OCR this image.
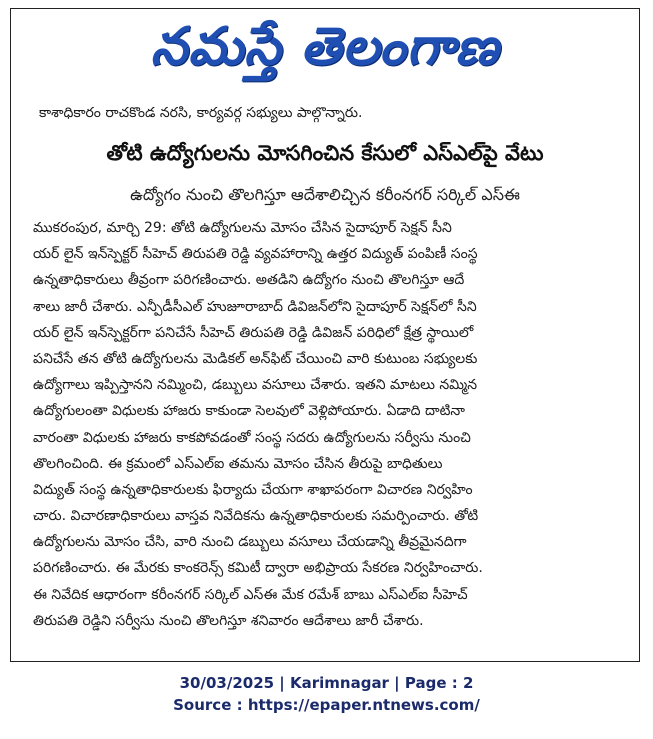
నమస్తే తెలంగాణ
కాశాధికారం రాచకొండ నరసి, కార్యవర్గ సభ్యులు పాల్గొన్నారు.
తోటి ఉద్యోగులను మోసగించిన కేసులో ఎస్‌ఎల్‌పై వేటు
ఉద్యోగం నుంచి తొలగిస్తూ ఆదేశాలిచ్చిన కరీంనగర్ సర్కిల్ ఎస్‌ఈ
ముకరంపుర, మార్చి 29: తోటి ఉద్యోగులను మోసం చేసిన సైదాపూర్ సెక్షన్ సీని
యర్ లైన్ ఇన్‌స్పెక్టర్ సీహెచ్ తిరుపతి రెడ్డి వ్యవహారాన్ని ఉత్తర విద్యుత్ పంపిణీ సంస్థ
ఉన్నతాధికారులు తీవ్రంగా పరిగణించారు. అతడిని ఉద్యోగం నుంచి తొలగిస్తూ ఆదే
శాలు జారీ చేశారు. ఎన్పీడీసీఎల్ హుజూరాబాద్ డివిజన్‌లోని సైదాపూర్ సెక్షన్‌లో సీని
యర్ లైన్ ఇన్‌స్పెక్టర్‌గా పనిచేసే సీహెచ్ తిరుపతి రెడ్డి డివిజన్ పరిధిలో క్షేత్ర స్థాయిలో
పనిచేసే తన తోటి ఉద్యోగులను మెడికల్ అన్‌ఫిట్ చేయించి వారి కుటుంబ సభ్యులకు
ఉద్యోగాలు ఇప్పిస్తానని నమ్మించి, డబ్బులు వసూలు చేశారు. ఇతని మాటలు నమ్మిన
ఉద్యోగులంతా విధులకు హాజరు కాకుండా సెలవులో వెళ్లిపోయారు. ఏడాది దాటినా
వారంతా విధులకు హాజరు కాకపోవడంతో సంస్థ సదరు ఉద్యోగులను సర్వీసు నుంచి
తొలగించింది. ఈ క్రమంలో ఎస్‌ఎల్‌ఐ తమను మోసం చేసిన తీరుపై బాధితులు
విద్యుత్ సంస్థ ఉన్నతాధికారులకు ఫిర్యాదు చేయగా శాఖాపరంగా విచారణ నిర్వహిం
చారు. విచారణాధికారులు వాస్తవ నివేదికను ఉన్నతాధికారులకు సమర్పించారు. తోటి
ఉద్యోగులను మోసం చేసి, వారి నుంచి డబ్బులు వసూలు చేయడాన్ని తీవ్రమైనదిగా
పరిగణించారు. ఈ మేరకు కాంకరెన్స్ కమిటీ ద్వారా అభిప్రాయ సేకరణ నిర్వహించారు.
ఈ నివేదిక ఆధారంగా కరీంనగర్ సర్కిల్ ఎస్‌ఈ మేక రమేశ్ బాబు ఎస్‌ఎల్‌ఐ సీహెచ్
తిరుపతి రెడ్డిని సర్వీసు నుంచి తొలగిస్తూ శనివారం ఆదేశాలు జారీ చేశారు.
30/03/2025 | Karimnagar | Page : 2
Source : https://epaper.ntnews.com/
